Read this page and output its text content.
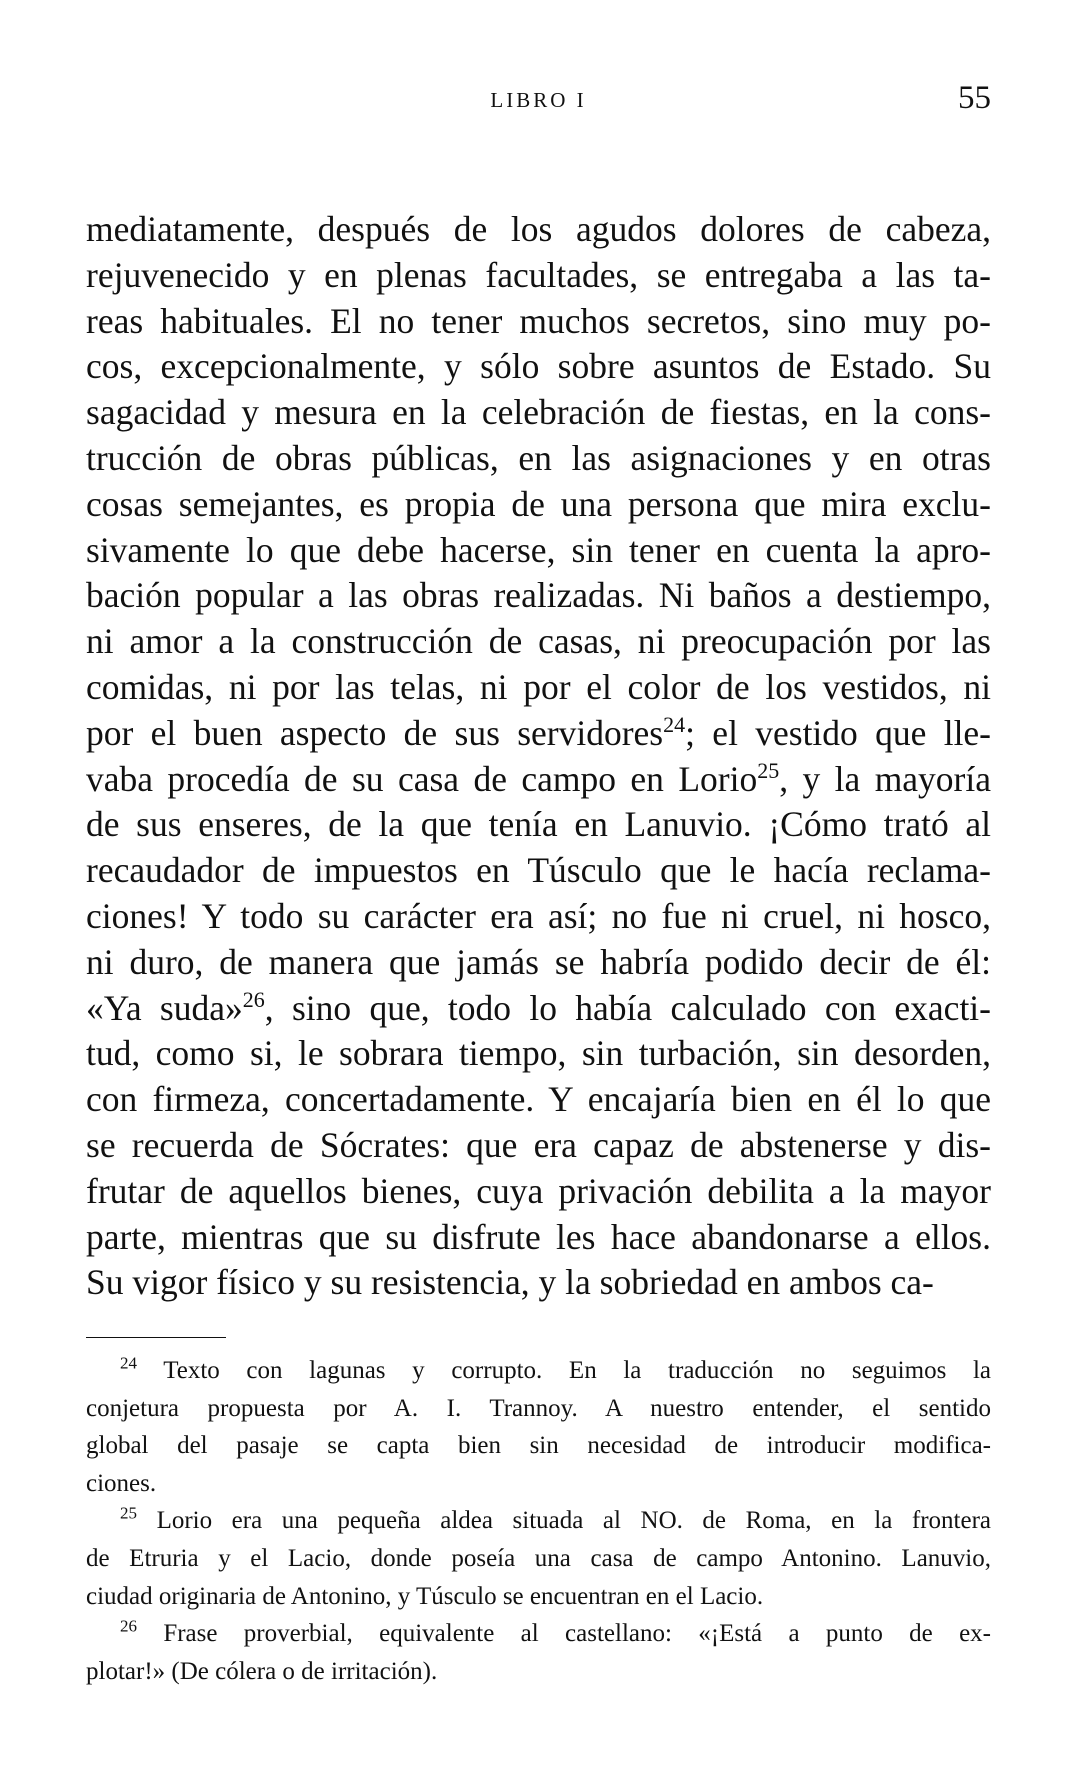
LIBRO I	55
mediatamente, después de los agudos dolores de cabeza,
rejuvenecido y en plenas facultades, se entregaba a las ta-
reas habituales. El no tener muchos secretos, sino muy po-
cos, excepcionalmente, y sólo sobre asuntos de Estado. Su
sagacidad y mesura en la celebración de fiestas, en la cons-
trucción de obras públicas, en las asignaciones y en otras
cosas semejantes, es propia de una persona que mira exclu-
sivamente lo que debe hacerse, sin tener en cuenta la apro-
bación popular a las obras realizadas. Ni baños a destiempo,
ni amor a la construcción de casas, ni preocupación por las
comidas, ni por las telas, ni por el color de los vestidos, ni
por el buen aspecto de sus servidores$^{24}$; el vestido que lle-
vaba procedía de su casa de campo en Lorio$^{25}$, y la mayoría
de sus enseres, de la que tenía en Lanuvio. ¡Cómo trató al
recaudador de impuestos en Túsculo que le hacía reclama-
ciones! Y todo su carácter era así; no fue ni cruel, ni hosco,
ni duro, de manera que jamás se habría podido decir de él:
«Ya suda»$^{26}$, sino que, todo lo había calculado con exacti-
tud, como si, le sobrara tiempo, sin turbación, sin desorden,
con firmeza, concertadamente. Y encajaría bien en él lo que
se recuerda de Sócrates: que era capaz de abstenerse y dis-
frutar de aquellos bienes, cuya privación debilita a la mayor
parte, mientras que su disfrute les hace abandonarse a ellos.
Su vigor físico y su resistencia, y la sobriedad en ambos ca-
$^{24}$ Texto con lagunas y corrupto. En la traducción no seguimos la
conjetura propuesta por A. I. Trannoy. A nuestro entender, el sentido
global del pasaje se capta bien sin necesidad de introducir modifica-
ciones.
$^{25}$ Lorio era una pequeña aldea situada al NO. de Roma, en la frontera
de Etruria y el Lacio, donde poseía una casa de campo Antonino. Lanuvio,
ciudad originaria de Antonino, y Túsculo se encuentran en el Lacio.
$^{26}$ Frase proverbial, equivalente al castellano: «¡Está a punto de ex-
plotar!» (De cólera o de irritación).
